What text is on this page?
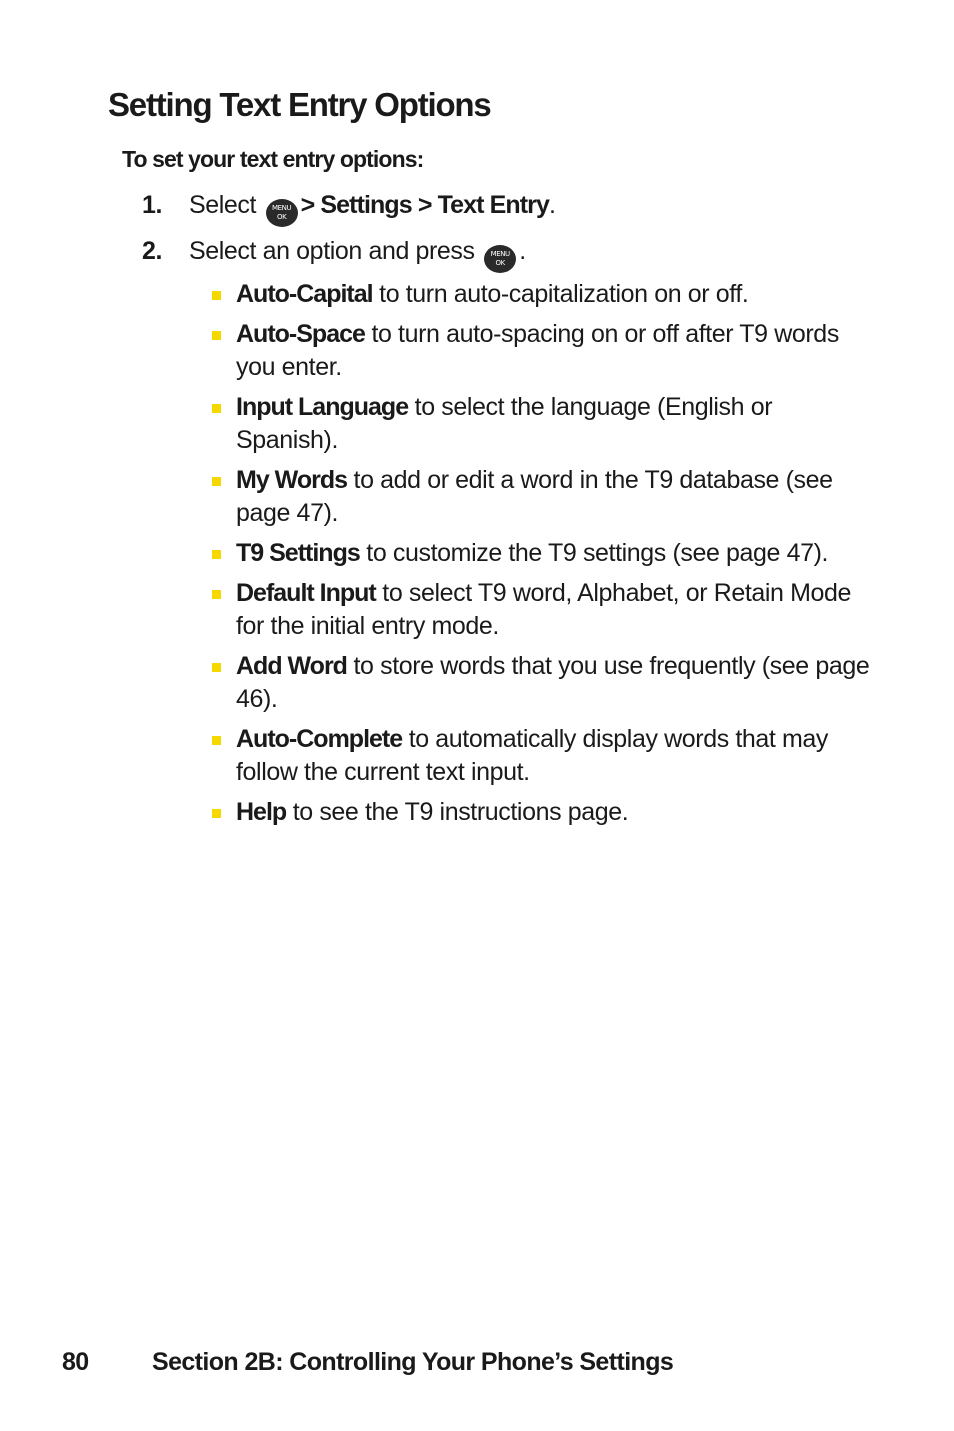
Setting Text Entry Options
To set your text entry options:
1. Select	MENU
OK > Settings > Text Entry.
2. Select an option and press	MENU
OK .
Auto-Capital to turn auto-capitalization on or off.
Auto-Space to turn auto-spacing on or off after T9 words you enter.
Input Language to select the language (English or Spanish).
My Words to add or edit a word in the T9 database (see page 47).
T9 Settings to customize the T9 settings (see page 47).
Default Input to select T9 word, Alphabet, or Retain Mode for the initial entry mode.
Add Word to store words that you use frequently (see page 46).
Auto-Complete to automatically display words that may follow the current text input.
Help to see the T9 instructions page.
80	Section 2B: Controlling Your Phone’s Settings
